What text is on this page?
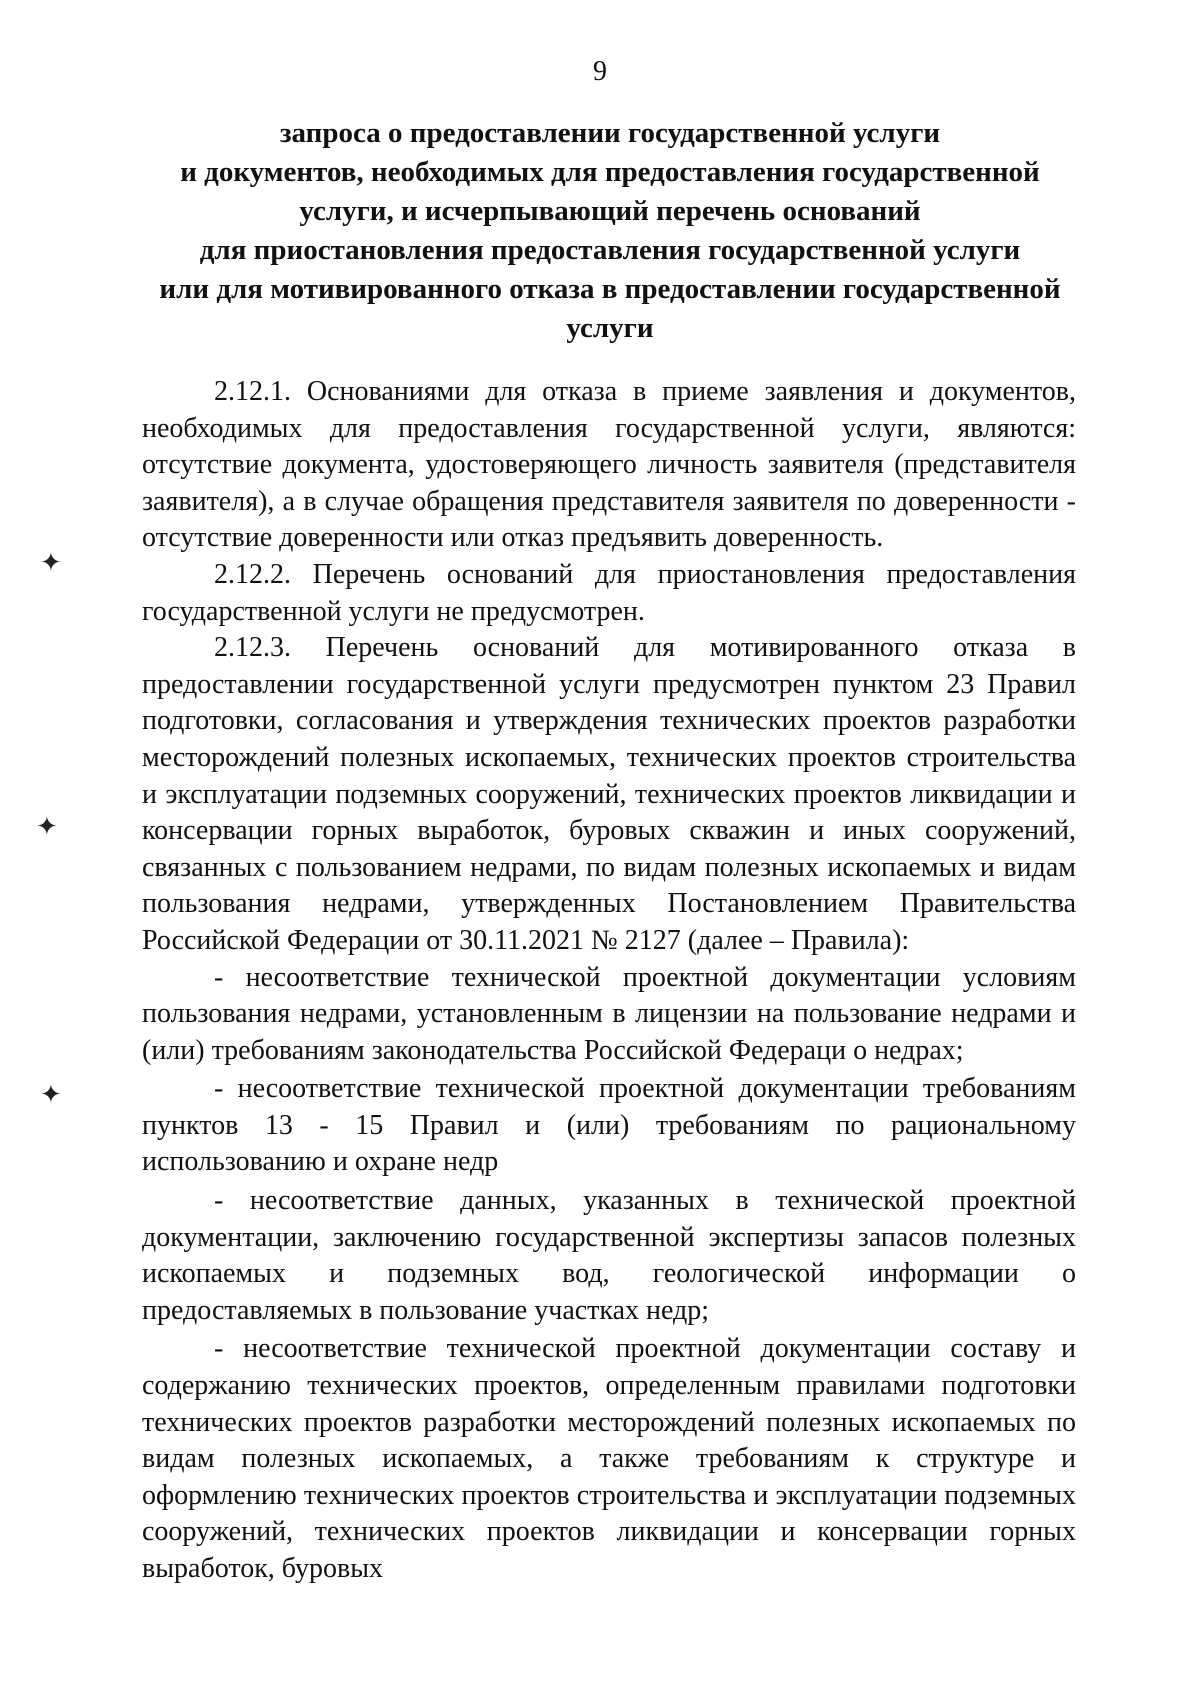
9
запроса о предоставлении государственной услуги
и документов, необходимых для предоставления государственной
услуги, и исчерпывающий перечень оснований
для приостановления предоставления государственной услуги
или для мотивированного отказа в предоставлении государственной
услуги

2.12.1. Основаниями для отказа в приеме заявления и документов, необходимых для предоставления государственной услуги, являются: отсутствие документа, удостоверяющего личность заявителя (представителя заявителя), а в случае обращения представителя заявителя по доверенности - отсутствие доверенности или отказ предъявить доверенность.

2.12.2. Перечень оснований для приостановления предоставления государственной услуги не предусмотрен.

2.12.3. Перечень оснований для мотивированного отказа в предоставлении государственной услуги предусмотрен пунктом 23 Правил подготовки, согласования и утверждения технических проектов разработки месторождений полезных ископаемых, технических проектов строительства и эксплуатации подземных сооружений, технических проектов ликвидации и консервации горных выработок, буровых скважин и иных сооружений, связанных с пользованием недрами, по видам полезных ископаемых и видам пользования недрами, утвержденных Постановлением Правительства Российской Федерации от 30.11.2021 № 2127 (далее – Правила):

- несоответствие технической проектной документации условиям пользования недрами, установленным в лицензии на пользование недрами и (или) требованиям законодательства Российской Федераци о недрах;

- несоответствие технической проектной документации требованиям пунктов 13 - 15 Правил и (или) требованиям по рациональному использованию и охране недр

- несоответствие данных, указанных в технической проектной документации, заключению государственной экспертизы запасов полезных ископаемых и подземных вод, геологической информации о предоставляемых в пользование участках недр;

- несоответствие технической проектной документации составу и содержанию технических проектов, определенным правилами подготовки технических проектов разработки месторождений полезных ископаемых по видам полезных ископаемых, а также требованиям к структуре и оформлению технических проектов строительства и эксплуатации подземных сооружений, технических проектов ликвидации и консервации горных выработок, буровых

✦
✦
✦
